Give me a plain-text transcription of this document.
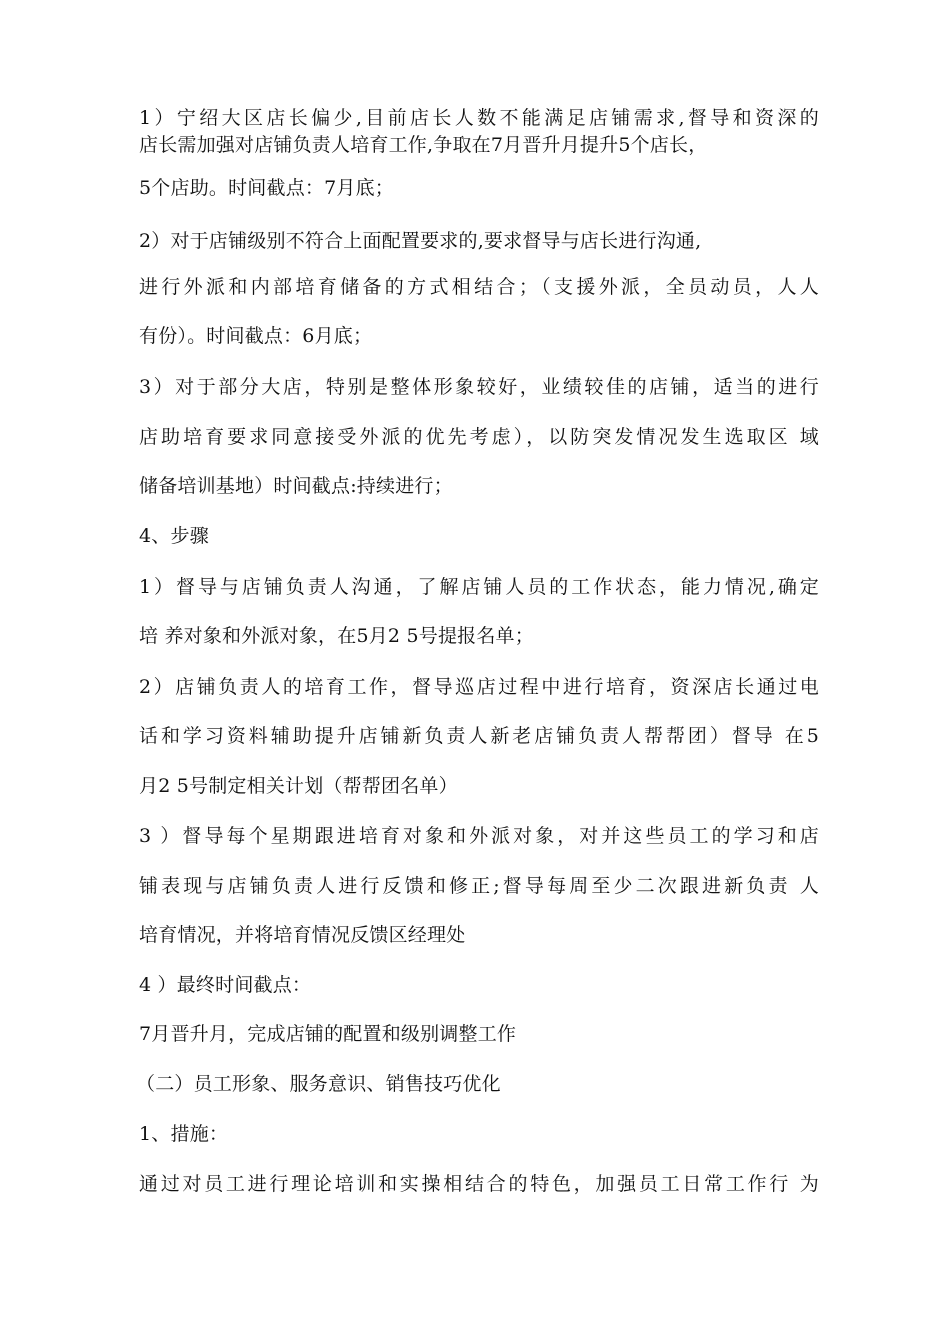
1）宁绍大区店长偏少,目前店长人数不能满足店铺需求,督导和资深的
店长需加强对店铺负责人培育工作,争取在7月晋升月提升5个店长，
5个店助。时间截点：7月底；
2）对于店铺级别不符合上面配置要求的,要求督导与店长进行沟通,
进行外派和内部培育储备的方式相结合；（支援外派，全员动员，人人
有份）。时间截点：6月底；
3）对于部分大店，特别是整体形象较好，业绩较佳的店铺，适当的进行
店助培育要求同意接受外派的优先考虑），以防突发情况发生选取区 域
储备培训基地）时间截点:持续进行；
4、步骤
1）督导与店铺负责人沟通，了解店铺人员的工作状态，能力情况,确定
培 养对象和外派对象，在5月2 5号提报名单；
2）店铺负责人的培育工作，督导巡店过程中进行培育，资深店长通过电
话和学习资料辅助提升店铺新负责人新老店铺负责人帮帮团）督导 在5
月2 5号制定相关计划（帮帮团名单）
3 ）督导每个星期跟进培育对象和外派对象，对并这些员工的学习和店
铺表现与店铺负责人进行反馈和修正;督导每周至少二次跟进新负责 人
培育情况，并将培育情况反馈区经理处
4 ）最终时间截点：
7月晋升月，完成店铺的配置和级别调整工作
（二）员工形象、服务意识、销售技巧优化
1、措施：
通过对员工进行理论培训和实操相结合的特色，加强员工日常工作行 为
